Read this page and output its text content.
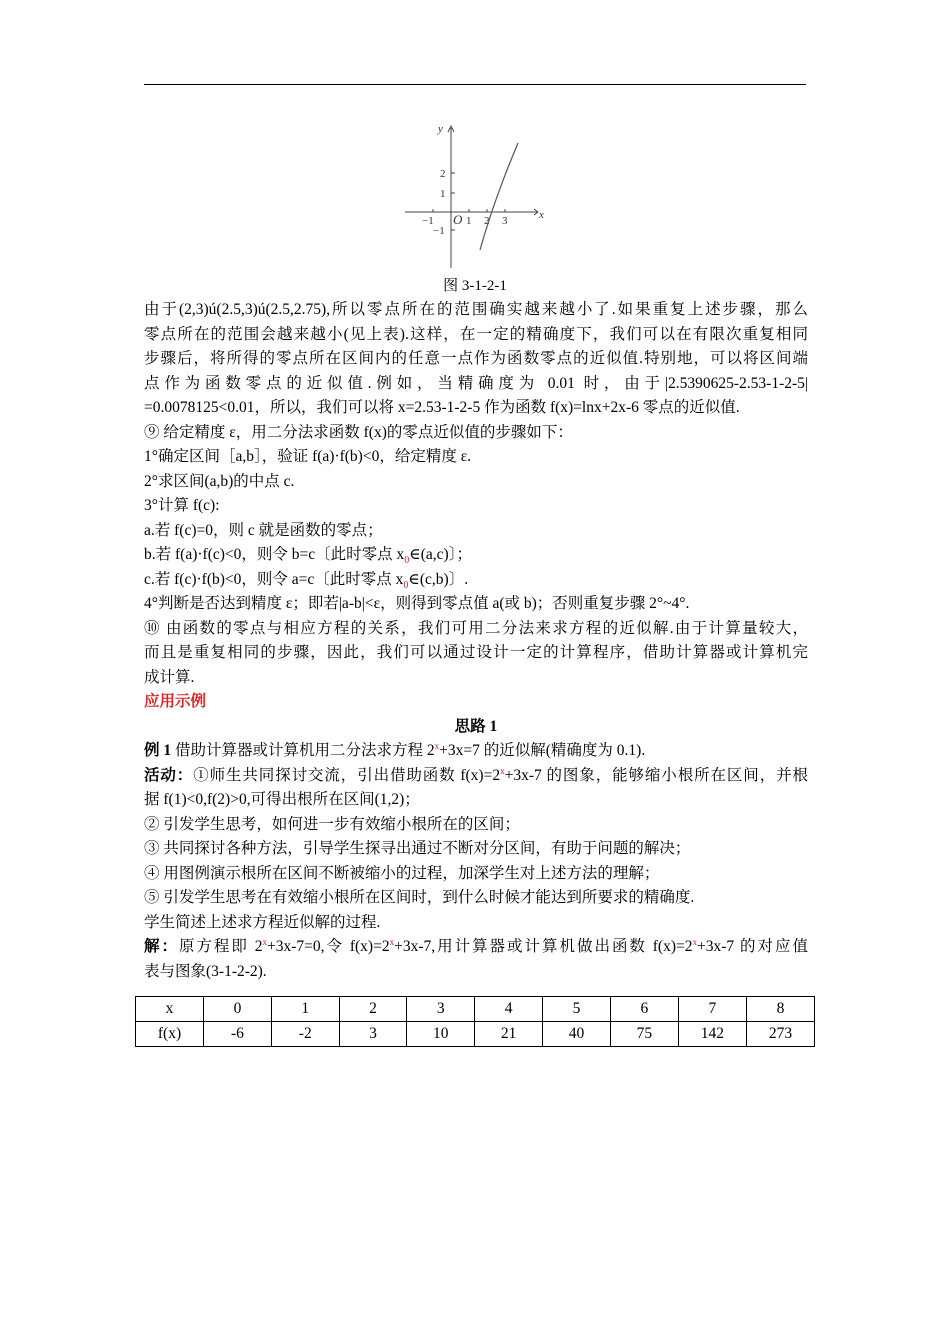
x
y
O
−1	1 2 3
2
1
−1
图 3-1-2-1

由于(2,3)ú(2.5,3)ú(2.5,2.75),所以零点所在的范围确实越来越小了.如果重复上述步骤，那么

零点所在的范围会越来越小(见上表).这样，在一定的精确度下，我们可以在有限次重复相同

步骤后，将所得的零点所在区间内的任意一点作为函数零点的近似值.特别地，可以将区间端

点作为函数零点的近似值.例如，当精确度为 0.01 时，由于|2.5390625-2.53-1-2-5|

=0.0078125<0.01，所以，我们可以将 x=2.53-1-2-5 作为函数 f(x)=lnx+2x-6 零点的近似值.

⑨ 给定精度 ε，用二分法求函数 f(x)的零点近似值的步骤如下：

1°确定区间［a,b］，验证 f(a)·f(b)<0，给定精度 ε.

2°求区间(a,b)的中点 c.

3°计算 f(c):

a.若 f(c)=0，则 c 就是函数的零点；

b.若 f(a)·f(c)<0，则令 b=c〔此时零点 $x_0\in(a,c)$〕；

c.若 f(c)·f(b)<0，则令 a=c〔此时零点 $x_0\in(c,b)$〕.

4°判断是否达到精度 ε；即若|a-b|<ε，则得到零点值 a(或 b)；否则重复步骤 2°~4°.

⑩ 由函数的零点与相应方程的关系，我们可用二分法来求方程的近似解.由于计算量较大，

而且是重复相同的步骤，因此，我们可以通过设计一定的计算程序，借助计算器或计算机完

成计算.

应用示例

思路 1

例 1 借助计算器或计算机用二分法求方程 $2^x+3x=7$ 的近似解(精确度为 0.1).

活动：①师生共同探讨交流，引出借助函数 $f(x)=2^x+3x-7$ 的图象，能够缩小根所在区间，并根

据 f(1)<0,f(2)>0,可得出根所在区间(1,2)；

② 引发学生思考，如何进一步有效缩小根所在的区间；

③ 共同探讨各种方法，引导学生探寻出通过不断对分区间，有助于问题的解决；

④ 用图例演示根所在区间不断被缩小的过程，加深学生对上述方法的理解；

⑤ 引发学生思考在有效缩小根所在区间时，到什么时候才能达到所要求的精确度.

学生简述上述求方程近似解的过程.

解：原方程即 $2^x+3x-7=0$,令 $f(x)=2^x+3x-7$,用计算器或计算机做出函数 $f(x)=2^x+3x-7$ 的对应值

表与图象(3-1-2-2).

x	0	1	2	3	4	5	6	7	8
f(x)	-6	-2	3	10	21	40	75	142	273
